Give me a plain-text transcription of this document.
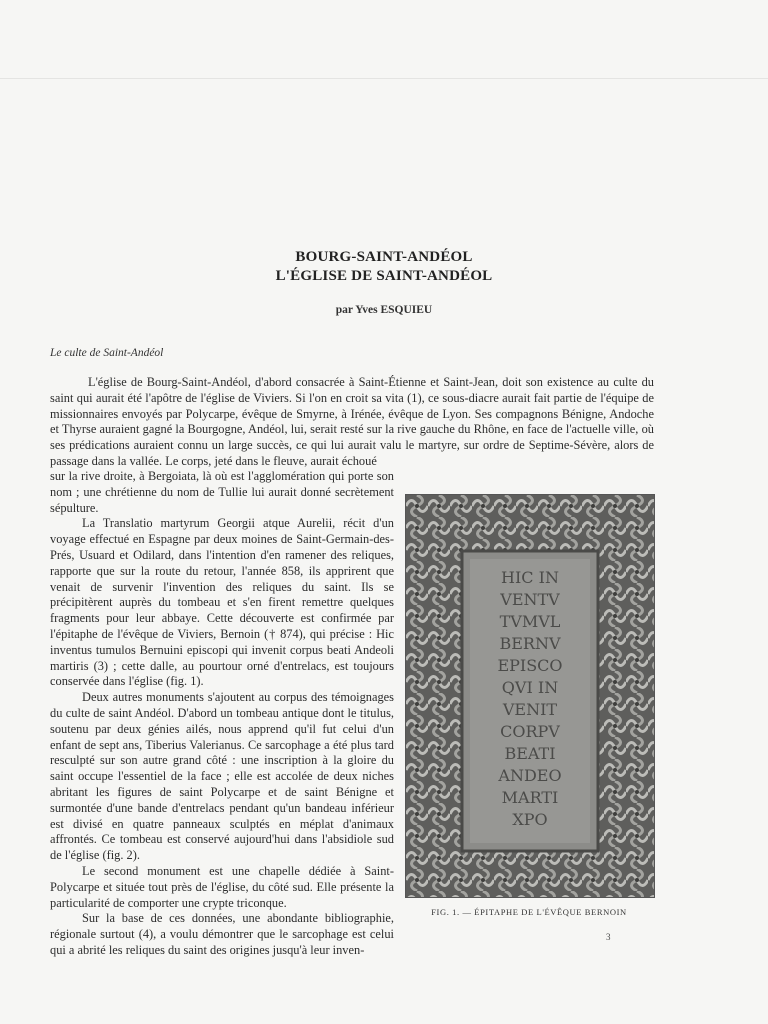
BOURG-SAINT-ANDÉOL
L'ÉGLISE DE SAINT-ANDÉOL
par Yves ESQUIEU
Le culte de Saint-Andéol

L'église de Bourg-Saint-Andéol, d'abord consacrée à Saint-Étienne et Saint-Jean, doit son existence au culte du saint qui aurait été l'apôtre de l'église de Viviers. Si l'on en croit sa vita (1), ce sous-diacre aurait fait partie de l'équipe de missionnaires envoyés par Polycarpe, évêque de Smyrne, à Irénée, évêque de Lyon. Ses compagnons Bénigne, Andoche et Thyrse auraient gagné la Bourgogne, Andéol, lui, serait resté sur la rive gauche du Rhône, en face de l'actuelle ville, où ses prédications auraient connu un large succès, ce qui lui aurait valu le martyre, sur ordre de Septime-Sévère, alors de passage dans la vallée. Le corps, jeté dans le fleuve, aurait échoué

sur la rive droite, à Bergoiata, là où est l'agglomération qui porte son nom ; une chrétienne du nom de Tullie lui aurait donné secrètement sépulture.

La Translatio martyrum Georgii atque Aurelii, récit d'un voyage effectué en Espagne par deux moines de Saint-Germain-des-Prés, Usuard et Odilard, dans l'intention d'en ramener des reliques, rapporte que sur la route du retour, l'année 858, ils apprirent que venait de survenir l'invention des reliques du saint. Ils se précipitèrent auprès du tombeau et s'en firent remettre quelques fragments pour leur abbaye. Cette découverte est confirmée par l'épitaphe de l'évêque de Viviers, Bernoin († 874), qui précise : Hic inventus tumulos Bernuini episcopi qui invenit corpus beati Andeoli martiris (3) ; cette dalle, au pourtour orné d'entrelacs, est toujours conservée dans l'église (fig. 1).

Deux autres monuments s'ajoutent au corpus des témoignages du culte de saint Andéol. D'abord un tombeau antique dont le titulus, soutenu par deux génies ailés, nous apprend qu'il fut celui d'un enfant de sept ans, Tiberius Valerianus. Ce sarcophage a été plus tard resculpté sur son autre grand côté : une inscription à la gloire du saint occupe l'essentiel de la face ; elle est accolée de deux niches abritant les figures de saint Polycarpe et de saint Bénigne et surmontée d'une bande d'entrelacs pendant qu'un bandeau inférieur est divisé en quatre panneaux sculptés en méplat d'animaux affrontés. Ce tombeau est conservé aujourd'hui dans l'absidiole sud de l'église (fig. 2).

Le second monument est une chapelle dédiée à Saint-Polycarpe et située tout près de l'église, du côté sud. Elle présente la particularité de comporter une crypte triconque.

Sur la base de ces données, une abondante bibliographie, régionale surtout (4), a voulu démontrer que le sarcophage est celui qui a abrité les reliques du saint des origines jusqu'à leur inven-

HIC IN
VENTV
TVMVL
BERNV
EPISCO
QVI IN
VENIT
CORPV
BEATI
ANDEO
MARTI
XPO
FIG. 1. — ÉPITAPHE DE L'ÉVÊQUE BERNOIN
3
